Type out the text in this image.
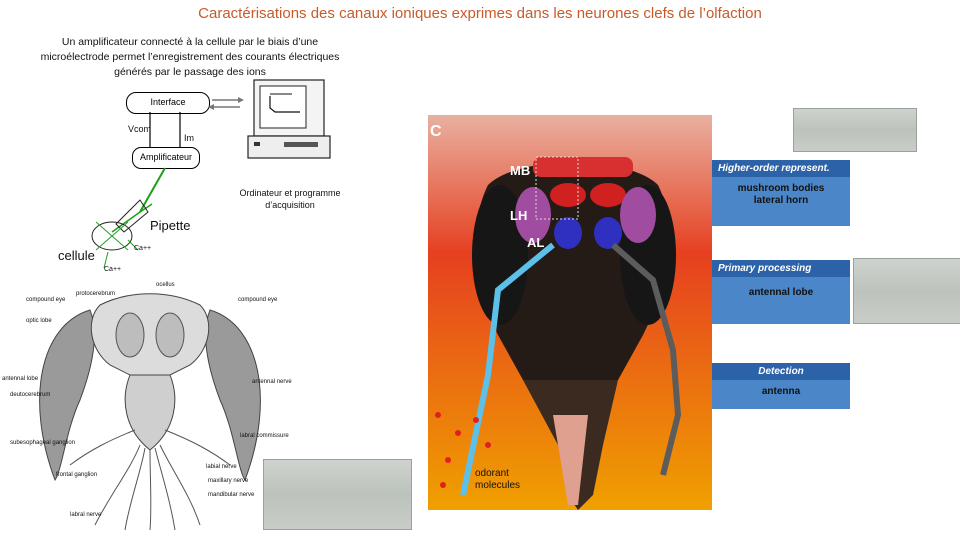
Caractérisations des canaux ioniques exprimes dans les neurones clefs de l’olfaction
Un amplificateur connecté à la cellule par le biais d’une microélectrode permet l’enregistrement des courants électriques générés par le passage des ions
Interface
Amplificateur
Vcom
Im
Ordinateur et programme d’acquisition
Pipette
cellule	Ca++
Ca++
protocerebrum
ocellus
compound eye	compound eye
optic lobe
antennal lobe
deutocerebrum
antennal nerve
subesophageal ganglion
frontal ganglion
labral commissure
labial nerve
maxillary nerve
mandibular nerve
labral nerve
C
MB
LH
AL
odorant molecules
Higher-order represent.
mushroom bodies lateral horn
Primary processing
antennal lobe
Detection
antenna
